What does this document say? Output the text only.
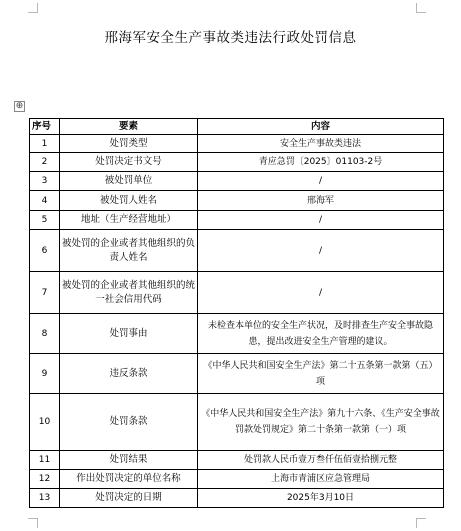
邢海军安全生产事故类违法行政处罚信息
⊕
序号	要素	内容
1	处罚类型	安全生产事故类违法
2	处罚决定书文号	青应急罚〔2025〕01103-2号
3	被处罚单位	/
4	被处罚人姓名	邢海军
5	地址（生产经营地址）	/
6	被处罚的企业或者其他组织的负责人姓名	/
7	被处罚的企业或者其他组织的统一社会信用代码	/
8	处罚事由	未检查本单位的安全生产状况，及时排查生产安全事故隐患，提出改进安全生产管理的建议。
9	违反条款	《中华人民共和国安全生产法》第二十五条第一款第（五）项
10	处罚条款	《中华人民共和国安全生产法》第九十六条、《生产安全事故罚款处罚规定》第二十条第一款第（一）项
11	处罚结果	处罚款人民币壹万叁仟伍佰壹拾捌元整
12	作出处罚决定的单位名称	上海市青浦区应急管理局
13	处罚决定的日期	2025年3月10日
